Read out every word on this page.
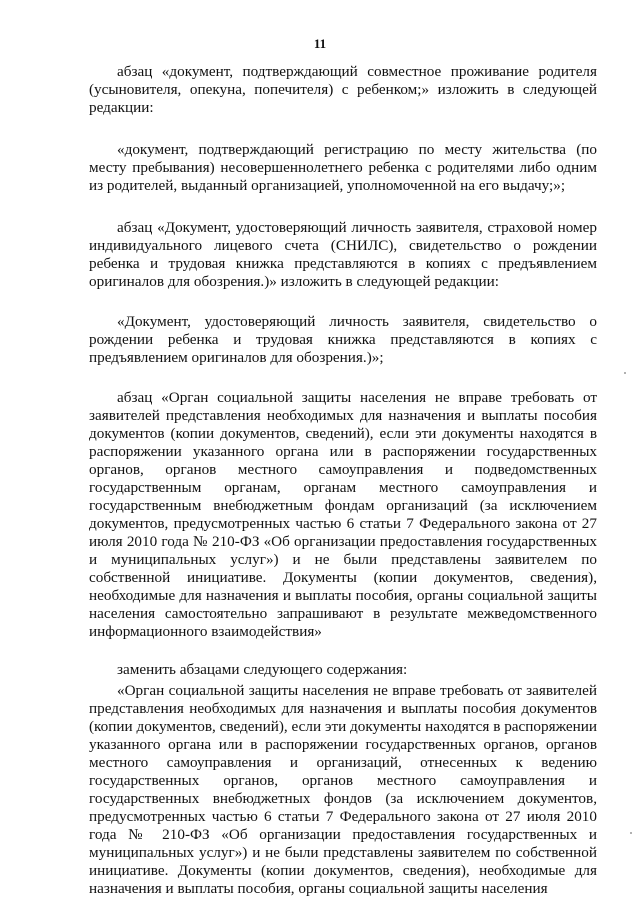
11

абзац «документ, подтверждающий совместное проживание родителя (усыновителя, опекуна, попечителя) с ребенком;» изложить в следующей редакции:

«документ, подтверждающий регистрацию по месту жительства (по месту пребывания) несовершеннолетнего ребенка с родителями либо одним из родителей, выданный организацией, уполномоченной на его выдачу;»;

абзац «Документ, удостоверяющий личность заявителя, страховой номер индивидуального лицевого счета (СНИЛС), свидетельство о рождении ребенка и трудовая книжка представляются в копиях с предъявлением оригиналов для обозрения.)» изложить в следующей редакции:

«Документ, удостоверяющий личность заявителя, свидетельство о рождении ребенка и трудовая книжка представляются в копиях с предъявлением оригиналов для обозрения.)»;

абзац «Орган социальной защиты населения не вправе требовать от заявителей представления необходимых для назначения и выплаты пособия документов (копии документов, сведений), если эти документы находятся в распоряжении указанного органа или в распоряжении государственных органов, органов местного самоуправления и подведомственных государственным органам, органам местного самоуправления и государственным внебюджетным фондам организаций (за исключением документов, предусмотренных частью 6 статьи 7 Федерального закона от 27 июля 2010 года № 210-ФЗ «Об организации предоставления государственных и муниципальных услуг») и не были представлены заявителем по собственной инициативе. Документы (копии документов, сведения), необходимые для назначения и выплаты пособия, органы социальной защиты населения самостоятельно запрашивают в результате межведомственного информационного взаимодействия»

заменить абзацами следующего содержания:

«Орган социальной защиты населения не вправе требовать от заявителей представления необходимых для назначения и выплаты пособия документов (копии документов, сведений), если эти документы находятся в распоряжении указанного органа или в распоряжении государственных органов, органов местного самоуправления и организаций, отнесенных к ведению государственных органов, органов местного самоуправления и государственных внебюджетных фондов (за исключением документов, предусмотренных частью 6 статьи 7 Федерального закона от 27 июля 2010 года № 210-ФЗ «Об организации предоставления государственных и муниципальных услуг») и не были представлены заявителем по собственной инициативе. Документы (копии документов, сведения), необходимые для назначения и выплаты пособия, органы социальной защиты населения
